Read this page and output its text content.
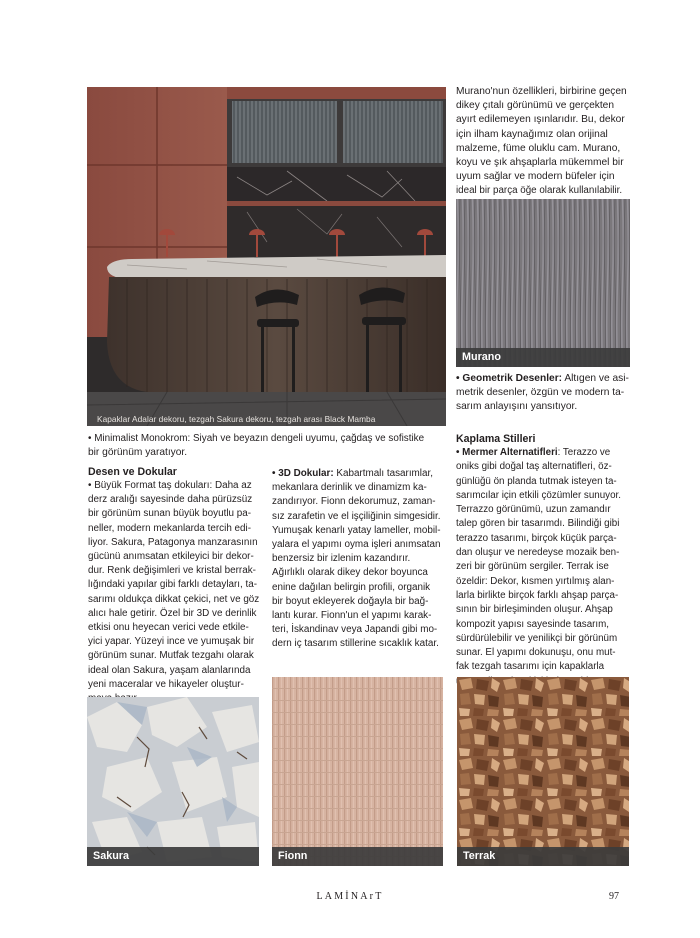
Kapaklar Adalar dekoru, tezgah Sakura dekoru, tezgah arası Black Mamba

Murano'nun özellikleri, birbirine geçen

dikey çıtalı görünümü ve gerçekten

ayırt edilemeyen ışınlarıdır. Bu, dekor

için ilham kaynağımız olan orijinal

malzeme, füme oluklu cam. Murano,

koyu ve şık ahşaplarla mükemmel bir

uyum sağlar ve modern büfeler için

ideal bir parça öğe olarak kullanılabilir.

Murano

• Geometrik Desenler: Altıgen ve asi-

metrik desenler, özgün ve modern ta-

sarım anlayışını yansıtıyor.

• Minimalist Monokrom: Siyah ve beyazın dengeli uyumu, çağdaş ve sofistike

bir görünüm yaratıyor.

Desen ve Dokular

• Büyük Format taş dokuları: Daha az

derz aralığı sayesinde daha pürüzsüz

bir görünüm sunan büyük boyutlu pa-

neller, modern mekanlarda tercih edi-

liyor. Sakura, Patagonya manzarasının

gücünü anımsatan etkileyici bir dekor-

dur. Renk değişimleri ve kristal berrak-

lığındaki yapılar gibi farklı detayları, ta-

sarımı oldukça dikkat çekici, net ve göz

alıcı hale getirir. Özel bir 3D ve derinlik

etkisi onu heyecan verici vede etkile-

yici yapar. Yüzeyi ince ve yumuşak bir

görünüm sunar. Mutfak tezgahı olarak

ideal olan Sakura, yaşam alanlarında

yeni maceralar ve hikayeler oluştur-

• 3D Dokular: Kabartmalı tasarımlar,

mekanlara derinlik ve dinamizm ka-

zandırıyor. Fionn dekorumuz, zaman-

sız zarafetin ve el işçiliğinin simgesidir.

Yumuşak kenarlı yatay lameller, mobil-

yalara el yapımı oyma işleri anımsatan

benzersiz bir izlenim kazandırır.

Ağırlıklı olarak dikey dekor boyunca

enine dağılan belirgin profili, organik

bir boyut ekleyerek doğayla bir bağ-

lantı kurar. Fionn'un el yapımı karak-

teri, İskandinav veya Japandi gibi mo-

dern iç tasarım stillerine sıcaklık katar.

Kaplama Stilleri

• Mermer Alternatifleri: Terazzo ve

oniks gibi doğal taş alternatifleri, öz-

günlüğü ön planda tutmak isteyen ta-

sarımcılar için etkili çözümler sunuyor.

Terrazzo görünümü, uzun zamandır

talep gören bir tasarımdı. Bilindiği gibi

terazzo tasarımı, birçok küçük parça-

dan oluşur ve neredeyse mozaik ben-

zeri bir görünüm sergiler. Terrak ise

özeldir: Dekor, kısmen yırtılmış alan-

larla birlikte birçok farklı ahşap parça-

sının bir birleşiminden oluşur. Ahşap

kompozit yapısı sayesinde tasarım,

sürdürülebilir ve yenilikçi bir görünüm

sunar. El yapımı dokunuşu, onu mut-

fak tezgah tasarımı için kapaklarla

Sakura	Fionn	Terrak
LAMİNArT	97
